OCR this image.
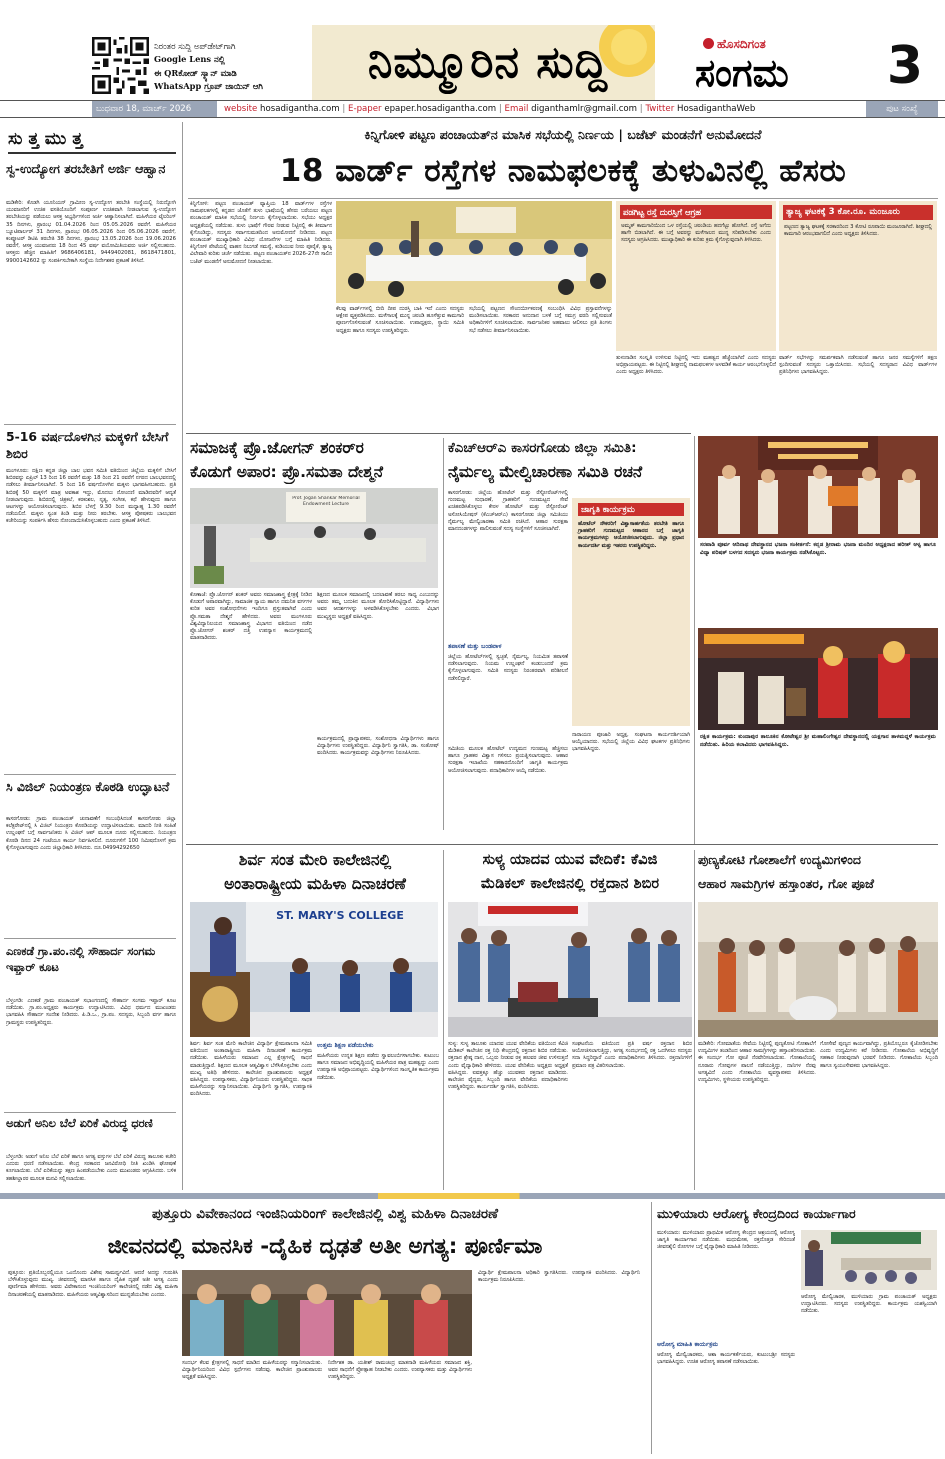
ನಿರಂತರ ಸುದ್ದಿ ಅಪ್‌ಡೇಟ್‌ಗಾಗಿ
Google Lens ನಲ್ಲಿ
ಈ QR‌ಕೋಡ್ ಸ್ಕ್ಯಾನ್ ಮಾಡಿ
WhatsApp ಗ್ರೂಪ್ ಜಾಯಿನ್ ಆಗಿ	ನಿಮ್ಮೂರಿನ ಸುದ್ದಿ	ಹೊಸದಿಗಂತ
ಸಂಗಮ	3
ಬುಧವಾರ 18, ಮಾರ್ಚ್ 2026	website hosadigantha.com | E-paper epaper.hosadigantha.com | Email diganthamlr@gmail.com | Twitter HosadiganthaWeb	ಪುಟ ಸಂಖ್ಯೆ
ಸು ತ್ತ ಮು ತ್ತ
ಸ್ವ-ಉದ್ಯೋಗ ತರಬೇತಿಗೆ ಅರ್ಜಿ ಆಹ್ವಾನ
ಮಡಿಕೇರಿ: ಕೊಡಗಿ ಯೂನಿಯನ್ ಗ್ರಾಮೀಣ ಸ್ವ-ಉದ್ಯೋಗ ತರಬೇತಿ ಸಂಸ್ಥೆಯಲ್ಲಿ ನಿರುದ್ಯೋಗಿ ಯುವಜನರಿಗೆ ಉಚಿತ ವಸತಿಯೊಂದಿಗೆ ಸಂಪೂರ್ಣ ಉಚಿತವಾಗಿ ನೀಡಲಾಗುವ ಸ್ವ-ಉದ್ಯೋಗ ತರಬೇತಿಯನ್ನು ಪಡೆಯಲು ಆಸಕ್ತ ಅಭ್ಯರ್ಥಿಗಳಿಂದ ಅರ್ಜಿ ಆಹ್ವಾನಿಸಲಾಗಿದೆ. ಮಹಿಳೆಯರ ಟೈಲರಿಂಗ್ 35 ದಿನಗಳು, ಪ್ರಾರಂಭ 01.04.2026 ರಿಂದ 05.05.2026 ರವರೆಗೆ. ಮಹಿಳೆಯರ ಬ್ಯೂಟಿಪಾರ್ಲರ್ 31 ದಿನಗಳು, ಪ್ರಾರಂಭ 06.05.2026 ರಿಂದ 05.06.2026 ರವರೆಗೆ, ಕಂಪ್ಯೂಟರ್ ಡಿಟಿಪಿ ತರಬೇತಿ 38 ದಿನಗಳು, ಪ್ರಾರಂಭ 13.05.2026 ರಿಂದ 19.06.2026 ರವರೆಗೆ, ಆಸಕ್ತ ಯುವಜನರು 18 ರಿಂದ 45 ವರ್ಷ ವಯೋಮಿತಿಯವರು ಅರ್ಜಿ ಸಲ್ಲಿಸಬಹುದು. ಆಸಕ್ತರು ಹೆಚ್ಚಿನ ಮಾಹಿತಿಗೆ 9686406181, 9449402081, 8618471801, 9900142602 ನ್ನು ಸಂಪರ್ಕಿಸಬೇಕಾಗಿ ಸಂಸ್ಥೆಯ ನಿರ್ದೇಶಕರ ಪ್ರಕಟಣೆ ತಿಳಿಸಿದೆ.
5-16 ವರ್ಷದೊಳಗಿನ ಮಕ್ಕಳಿಗೆ ಬೇಸಿಗೆ ಶಿಬಿರ
ಮಂಗಳೂರು: ದಕ್ಷಿಣ ಕನ್ನಡ ಜಿಲ್ಲಾ ಬಾಲ ಭವನ ಸಮಿತಿ ವತಿಯಿಂದ ಜಿಲ್ಲೆಯ ಮಕ್ಕಳಿಗೆ ಬೇಸಿಗೆ ಶಿಬಿರವನ್ನು ಏಪ್ರಿಲ್ 13 ರಿಂದ 16 ರವರೆಗೆ ಮತ್ತು 18 ರಿಂದ 21 ರವರೆಗೆ ನಗರದ ಬಾಲಭವನದಲ್ಲಿ ನಡೆಸಲು ತೀರ್ಮಾನಿಸಲಾಗಿದೆ. 5 ರಿಂದ 16 ವರ್ಷದೊಳಗಿನ ಮಕ್ಕಳು ಭಾಗವಹಿಸಬಹುದು. ಪ್ರತಿ ಶಿಬಿರಕ್ಕೆ 50 ಮಕ್ಕಳಿಗೆ ಮಾತ್ರ ಅವಕಾಶ ಇದ್ದು, ಮೊದಲು ನೋಂದಣಿ ಮಾಡಿದವರಿಗೆ ಆದ್ಯತೆ ನೀಡಲಾಗುವುದು. ಶಿಬಿರದಲ್ಲಿ ಚಿತ್ರಕಲೆ, ಕರಕುಶಲ, ನೃತ್ಯ, ಸಂಗೀತ, ಕಥೆ ಹೇಳುವುದು ಹಾಗೂ ಆಟಗಳನ್ನು ಆಯೋಜಿಸಲಾಗುವುದು. ಶಿಬಿರ ಬೆಳಗ್ಗೆ 9.30 ರಿಂದ ಮಧ್ಯಾಹ್ನ 1.30 ರವರೆಗೆ ನಡೆಯಲಿದೆ. ಮಕ್ಕಳು ಸ್ವಂತ ತಿಂಡಿ ಮತ್ತು ನೀರು ತರಬೇಕು. ಆಸಕ್ತ ಪೋಷಕರು ಬಾಲಭವನ ಕಚೇರಿಯನ್ನು ಸಂಪರ್ಕಿಸಿ ಹೆಸರು ನೋಂದಾಯಿಸಿಕೊಳ್ಳಬಹುದು ಎಂದು ಪ್ರಕಟಣೆ ತಿಳಿಸಿದೆ.
ಸಿ ವಿಜಿಲ್ ನಿಯಂತ್ರಣ ಕೊಠಡಿ ಉದ್ಘಾಟನೆ
ಕಾಸರಗೋಡು: ಗ್ರಾಮ ಪಂಚಾಯತ್ ಚುನಾವಣೆಗೆ ಸಂಬಂಧಿಸಿದಂತೆ ಕಾಸರಗೋಡು ಜಿಲ್ಲಾ ಕಲೆಕ್ಟರೇಟ್‌ನಲ್ಲಿ ಸಿ ವಿಜಿಲ್ ನಿಯಂತ್ರಣ ಕೊಠಡಿಯನ್ನು ಉದ್ಘಾಟಿಸಲಾಯಿತು. ಮಾದರಿ ನೀತಿ ಸಂಹಿತೆ ಉಲ್ಲಂಘನೆ ಬಗ್ಗೆ ಸಾರ್ವಜನಿಕರು ಸಿ ವಿಜಿಲ್ ಆಪ್ ಮೂಲಕ ದೂರು ಸಲ್ಲಿಸಬಹುದು. ನಿಯಂತ್ರಣ ಕೊಠಡಿ ದಿನದ 24 ಗಂಟೆಯೂ ಕಾರ್ಯ ನಿರ್ವಹಿಸಲಿದೆ. ದೂರುಗಳಿಗೆ 100 ನಿಮಿಷದೊಳಗೆ ಕ್ರಮ ಕೈಗೊಳ್ಳಲಾಗುವುದು ಎಂದು ಜಿಲ್ಲಾಧಿಕಾರಿ ತಿಳಿಸಿದರು. ದೂ.04994292650
ಎಣಕಡೆ ಗ್ರಾ.ಪಂ.ನಲ್ಲಿ ಸೌಹಾರ್ದ ಸಂಗಮ ಇಫ್ತಾರ್ ಕೂಟ
ಬೆಳ್ತಂಗಡಿ: ಎಣಕಡೆ ಗ್ರಾಮ ಪಂಚಾಯತ್ ಸಭಾಂಗಣದಲ್ಲಿ ಸೌಹಾರ್ದ ಸಂಗಮ ಇಫ್ತಾರ್ ಕೂಟ ನಡೆಯಿತು. ಗ್ರಾ.ಪಂ.ಅಧ್ಯಕ್ಷರು ಕಾರ್ಯಕ್ರಮ ಉದ್ಘಾಟಿಸಿದರು. ವಿವಿಧ ಧರ್ಮದ ಮುಖಂಡರು ಭಾಗವಹಿಸಿ ಸೌಹಾರ್ದ ಸಂದೇಶ ನೀಡಿದರು. ಪಿ.ಡಿ.ಒ., ಗ್ರಾ.ಪಂ. ಸದಸ್ಯರು, ಸಿಬ್ಬಂದಿ ವರ್ಗ ಹಾಗೂ ಗ್ರಾಮಸ್ಥರು ಉಪಸ್ಥಿತರಿದ್ದರು.
ಅಡುಗೆ ಅನಿಲ ಬೆಲೆ ಏರಿಕೆ ವಿರುದ್ಧ ಧರಣಿ
ಬೆಳ್ತಂಗಡಿ: ಅಡುಗೆ ಅನಿಲ ಬೆಲೆ ಏರಿಕೆ ಹಾಗೂ ಅಗತ್ಯ ವಸ್ತುಗಳ ಬೆಲೆ ಏರಿಕೆ ವಿರುದ್ಧ ತಾಲೂಕು ಕಚೇರಿ ಎದುರು ಧರಣಿ ನಡೆಸಲಾಯಿತು. ಕೇಂದ್ರ ಸರಕಾರದ ಜನವಿರೋಧಿ ನೀತಿ ಖಂಡಿಸಿ ಘೋಷಣೆ ಕೂಗಲಾಯಿತು. ಬೆಲೆ ಏರಿಕೆಯನ್ನು ತಕ್ಷಣ ಹಿಂಪಡೆಯಬೇಕು ಎಂದು ಮುಖಂಡರು ಆಗ್ರಹಿಸಿದರು. ಬಳಿಕ ತಹಶೀಲ್ದಾರರ ಮೂಲಕ ಮನವಿ ಸಲ್ಲಿಸಲಾಯಿತು.
ಕಿನ್ನಿಗೋಳಿ ಪಟ್ಟಣ ಪಂಚಾಯತ್‌ನ ಮಾಸಿಕ ಸಭೆಯಲ್ಲಿ ನಿರ್ಣಯ | ಬಜೆಟ್ ಮಂಡನೆಗೆ ಅನುಮೋದನೆ
18 ವಾರ್ಡ್ ರಸ್ತೆಗಳ ನಾಮಫಲಕಕ್ಕೆ ತುಳುವಿನಲ್ಲಿ ಹೆಸರು
ಕಿನ್ನಿಗೋಳಿ: ಪಟ್ಟಣ ಪಂಚಾಯತ್ ವ್ಯಾಪ್ತಿಯ 18 ವಾರ್ಡ್‌ಗಳ ರಸ್ತೆಗಳ ನಾಮಫಲಕಗಳಲ್ಲಿ ಕನ್ನಡದ ಜೊತೆಗೆ ತುಳು ಭಾಷೆಯಲ್ಲಿ ಹೆಸರು ಬರೆಯಲು ಪಟ್ಟಣ ಪಂಚಾಯತ್ ಮಾಸಿಕ ಸಭೆಯಲ್ಲಿ ನಿರ್ಣಯ ಕೈಗೊಳ್ಳಲಾಯಿತು. ಸಭೆಯು ಅಧ್ಯಕ್ಷರ ಅಧ್ಯಕ್ಷತೆಯಲ್ಲಿ ನಡೆಯಿತು. ತುಳು ಭಾಷೆಗೆ ಗೌರವ ನೀಡುವ ನಿಟ್ಟಿನಲ್ಲಿ ಈ ತೀರ್ಮಾನ ಕೈಗೊಂಡಿದ್ದು, ಸದಸ್ಯರು ಸರ್ವಾನುಮತದಿಂದ ಅನುಮೋದನೆ ನೀಡಿದರು. ಪಟ್ಟಣ ಪಂಚಾಯತ್ ಮುಖ್ಯಾಧಿಕಾರಿ ವಿವಿಧ ಯೋಜನೆಗಳ ಬಗ್ಗೆ ಮಾಹಿತಿ ನೀಡಿದರು. ಕಿನ್ನಿಗೋಳಿ ಪೇಟೆಯಲ್ಲಿ ವಾಹನ ನಿಲುಗಡೆ ಸಮಸ್ಯೆ, ಕುಡಿಯುವ ನೀರು ಪೂರೈಕೆ, ತ್ಯಾಜ್ಯ ವಿಲೇವಾರಿ ಕುರಿತು ಚರ್ಚೆ ನಡೆಯಿತು. ಪಟ್ಟಣ ಪಂಚಾಯತ್‌ನ 2026-27ನೇ ಸಾಲಿನ ಬಜೆಟ್ ಮಂಡನೆಗೆ ಅನುಮೋದನೆ ನೀಡಲಾಯಿತು.
ಕೆಲವು ವಾರ್ಡ್‌ಗಳಲ್ಲಿ ಬೀದಿ ದೀಪ ದುರಸ್ತಿ ಬಾಕಿ ಇದೆ ಎಂದು ಸದಸ್ಯರು ಆಕ್ಷೇಪ ವ್ಯಕ್ತಪಡಿಸಿದರು. ಮಳೆಗಾಲಕ್ಕೆ ಮುನ್ನ ಚರಂಡಿ ಹೂಳೆತ್ತುವ ಕಾಮಗಾರಿ ಪೂರ್ಣಗೊಳಿಸುವಂತೆ ಸೂಚಿಸಲಾಯಿತು. ಉಪಾಧ್ಯಕ್ಷರು, ಸ್ಥಾಯಿ ಸಮಿತಿ ಅಧ್ಯಕ್ಷರು ಹಾಗೂ ಸದಸ್ಯರು ಉಪಸ್ಥಿತರಿದ್ದರು.
ಸಭೆಯಲ್ಲಿ ಪಟ್ಟಣದ ಸೌಂದರ್ಯೀಕರಣಕ್ಕೆ ಸಂಬಂಧಿಸಿ ವಿವಿಧ ಪ್ರಸ್ತಾವನೆಗಳನ್ನು ಮಂಡಿಸಲಾಯಿತು. ಸರಕಾರದ ಅನುದಾನ ಬಳಕೆ ಬಗ್ಗೆ ಸಮಗ್ರ ವರದಿ ಸಲ್ಲಿಸುವಂತೆ ಅಧಿಕಾರಿಗಳಿಗೆ ಸೂಚಿಸಲಾಯಿತು. ಸಾರ್ವಜನಿಕರ ಅಹವಾಲು ಆಲಿಸಲು ಪ್ರತಿ ತಿಂಗಳು ಸಭೆ ನಡೆಸಲು ತೀರ್ಮಾನಿಸಲಾಯಿತು.
ಪಡಗಿಟ್ಟ ರಸ್ತೆ ದುರಸ್ತಿಗೆ ಆಗ್ರಹ
ಅಮ್ಮತ್ ಕಾಮಗಾರಿಯಿಂದ ಒಳ ರಸ್ತೆಯಲ್ಲಿ ಚರಂಡಿಯ ಹದಗೆಟ್ಟು ಹೋಗಿದೆ. ರಸ್ತೆ ಅಗೆದು ಹಾಗೇ ಬಿಡಲಾಗಿದೆ. ಈ ಬಗ್ಗೆ ಅವರನ್ನು ಮಳೆಗಾಲದ ಮುನ್ನ ಸರಿಪಡಿಸಬೇಕು ಎಂದು ಸದಸ್ಯರು ಆಗ್ರಹಿಸಿದರು. ಮುಖ್ಯಾಧಿಕಾರಿ ಈ ಕುರಿತು ಕ್ರಮ ಕೈಗೊಳ್ಳುವುದಾಗಿ ತಿಳಿಸಿದರು.
ತ್ಯಾಜ್ಯ ಘಟಕಕ್ಕೆ 3 ಕೋ.ರೂ. ಮಂಜೂರು
ಪಟ್ಟಣದ ತ್ಯಾಜ್ಯ ಘಟಕಕ್ಕೆ ಸರಕಾರದಿಂದ 3 ಕೋಟಿ ರೂಪಾಯಿ ಮಂಜೂರಾಗಿದೆ. ಶೀಘ್ರದಲ್ಲಿ ಕಾಮಗಾರಿ ಆರಂಭವಾಗಲಿದೆ ಎಂದು ಅಧ್ಯಕ್ಷರು ತಿಳಿಸಿದರು.
ತುಳುನಾಡಿನ ಸಂಸ್ಕೃತಿ ಉಳಿಸುವ ನಿಟ್ಟಿನಲ್ಲಿ ಇದು ಮಹತ್ವದ ಹೆಜ್ಜೆಯಾಗಿದೆ ಎಂದು ಸದಸ್ಯರು ಅಭಿಪ್ರಾಯಪಟ್ಟರು. ಈ ನಿಟ್ಟಿನಲ್ಲಿ ಶೀಘ್ರದಲ್ಲಿ ನಾಮಫಲಕಗಳ ಅಳವಡಿಕೆ ಕಾರ್ಯ ಆರಂಭಗೊಳ್ಳಲಿದೆ ಎಂದು ಅಧ್ಯಕ್ಷರು ತಿಳಿಸಿದರು.
ವಾರ್ಡ್ ಸಭೆಗಳನ್ನು ಸಮರ್ಪಕವಾಗಿ ನಡೆಸುವಂತೆ ಹಾಗೂ ಜನರ ಸಮಸ್ಯೆಗಳಿಗೆ ತಕ್ಷಣ ಸ್ಪಂದಿಸುವಂತೆ ಸದಸ್ಯರು ಒತ್ತಾಯಿಸಿದರು. ಸಭೆಯಲ್ಲಿ ಸದಸ್ಯರಾದ ವಿವಿಧ ವಾರ್ಡ್‌ಗಳ ಪ್ರತಿನಿಧಿಗಳು ಭಾಗವಹಿಸಿದ್ದರು.
ಸಮಾಜಕ್ಕೆ ಪ್ರೊ.ಜೋಗನ್ ಶಂಕರ್‌ರ
ಕೊಡುಗೆ ಅಪಾರ: ಪ್ರೊ.ಸಮತಾ ದೇಶ್ಮನೆ
Prof. Jogan Shankar Memorial Endowment Lecture
ಕೊಣಾಜೆ: ಪ್ರೊ.ಜೋಗನ್ ಶಂಕರ್ ಅವರು ಸಮಾಜಶಾಸ್ತ್ರ ಕ್ಷೇತ್ರಕ್ಕೆ ನೀಡಿದ ಕೊಡುಗೆ ಅಪಾರವಾಗಿದ್ದು, ಸಾಮಾಜಿಕ ನ್ಯಾಯ ಹಾಗೂ ದಮನಿತ ವರ್ಗಗಳ ಕುರಿತ ಅವರ ಸಂಶೋಧನೆಗಳು ಇಂದಿಗೂ ಪ್ರಸ್ತುತವಾಗಿವೆ ಎಂದು ಪ್ರೊ.ಸಮತಾ ದೇಶ್ಮನೆ ಹೇಳಿದರು. ಅವರು ಮಂಗಳೂರು ವಿಶ್ವವಿದ್ಯಾನಿಲಯದ ಸಮಾಜಶಾಸ್ತ್ರ ವಿಭಾಗದ ವತಿಯಿಂದ ನಡೆದ ಪ್ರೊ.ಜೋಗನ್ ಶಂಕರ್ ದತ್ತಿ ಉಪನ್ಯಾಸ ಕಾರ್ಯಕ್ರಮದಲ್ಲಿ ಮಾತನಾಡಿದರು.
ಶಿಕ್ಷಣದ ಮೂಲಕ ಸಮಾಜದಲ್ಲಿ ಬದಲಾವಣೆ ತರಲು ಸಾಧ್ಯ ಎಂಬುದನ್ನು ಅವರು ತಮ್ಮ ಬದುಕಿನ ಮೂಲಕ ತೋರಿಸಿಕೊಟ್ಟಿದ್ದಾರೆ. ವಿದ್ಯಾರ್ಥಿಗಳು ಅವರ ಆದರ್ಶಗಳನ್ನು ಅಳವಡಿಸಿಕೊಳ್ಳಬೇಕು ಎಂದರು. ವಿಭಾಗ ಮುಖ್ಯಸ್ಥರು ಅಧ್ಯಕ್ಷತೆ ವಹಿಸಿದ್ದರು.
ಕಾರ್ಯಕ್ರಮದಲ್ಲಿ ಪ್ರಾಧ್ಯಾಪಕರು, ಸಂಶೋಧನಾ ವಿದ್ಯಾರ್ಥಿಗಳು ಹಾಗೂ ವಿದ್ಯಾರ್ಥಿಗಳು ಉಪಸ್ಥಿತರಿದ್ದರು. ವಿದ್ಯಾರ್ಥಿನಿ ಸ್ವಾಗತಿಸಿ, ಡಾ. ಸಂತೋಷ್ ವಂದಿಸಿದರು. ಕಾರ್ಯಕ್ರಮವನ್ನು ವಿದ್ಯಾರ್ಥಿಗಳು ನಿರೂಪಿಸಿದರು.
ಕೆಎಚ್‌ಆರ್‌ಎ ಕಾಸರಗೋಡು ಜಿಲ್ಲಾ ಸಮಿತಿ:
ನೈರ್ಮಲ್ಯ ಮೇಲ್ವಿಚಾರಣಾ ಸಮಿತಿ ರಚನೆ
ಕಾಸರಗೋಡು: ಜಿಲ್ಲೆಯ ಹೋಟೆಲ್ ಮತ್ತು ರೆಸ್ಟೋರೆಂಟ್‌ಗಳಲ್ಲಿ ಗುಣಮಟ್ಟ ಸುಧಾರಣೆ, ಗ್ರಾಹಕರಿಗೆ ಗುಣಮಟ್ಟದ ಸೇವೆ ಖಚಿತಪಡಿಸಿಕೊಳ್ಳಲು ಕೇರಳ ಹೋಟೆಲ್ ಮತ್ತು ರೆಸ್ಟೋರೆಂಟ್ ಅಸೋಸಿಯೇಷನ್ (ಕೆಎಚ್‌ಆರ್‌ಎ) ಕಾಸರಗೋಡು ಜಿಲ್ಲಾ ಸಮಿತಿಯು ನೈರ್ಮಲ್ಯ ಮೇಲ್ವಿಚಾರಣಾ ಸಮಿತಿ ರಚಿಸಿದೆ. ಆಹಾರ ಸುರಕ್ಷತಾ ಮಾನದಂಡಗಳನ್ನು ಪಾಲಿಸುವಂತೆ ಸದಸ್ಯ ಸಂಸ್ಥೆಗಳಿಗೆ ಸೂಚಿಸಲಾಗಿದೆ.
ತಪಾಸಣೆ ಮತ್ತು ಬಂಡವಾಳ
ಜಿಲ್ಲೆಯ ಹೋಟೆಲ್‌ಗಳಲ್ಲಿ ಸ್ವಚ್ಛತೆ, ನೈರ್ಮಲ್ಯ, ನಿಯಮಿತ ತಪಾಸಣೆ ನಡೆಸಲಾಗುವುದು. ನಿಯಮ ಉಲ್ಲಂಘನೆ ಕಂಡುಬಂದರೆ ಕ್ರಮ ಕೈಗೊಳ್ಳಲಾಗುವುದು. ಸಮಿತಿ ಸದಸ್ಯರು ನಿರಂತರವಾಗಿ ಪರಿಶೀಲನೆ ನಡೆಸಲಿದ್ದಾರೆ.
ಸಮಿತಿಯ ಮೂಲಕ ಹೋಟೆಲ್ ಉದ್ಯಮದ ಗುಣಮಟ್ಟ ಹೆಚ್ಚಿಸಲು ಹಾಗೂ ಗ್ರಾಹಕರ ವಿಶ್ವಾಸ ಗಳಿಸಲು ಪ್ರಯತ್ನಿಸಲಾಗುವುದು. ಆಹಾರ ಸುರಕ್ಷತಾ ಇಲಾಖೆಯ ಸಹಕಾರದೊಂದಿಗೆ ಜಾಗೃತಿ ಕಾರ್ಯಕ್ರಮ ಆಯೋಜಿಸಲಾಗುವುದು. ಪದಾಧಿಕಾರಿಗಳ ಆಯ್ಕೆ ನಡೆಯಿತು.
ಜಾಗೃತಿ ಕಾರ್ಯಕ್ರಮ
ಹೋಟೆಲ್ ನೌಕರರಿಗೆ ವಿಶ್ವಾಸಾರ್ಹತೆಯ ತರಬೇತಿ ಹಾಗೂ ಗ್ರಾಹಕರಿಗೆ ಗುಣಮಟ್ಟದ ಆಹಾರದ ಬಗ್ಗೆ ಜಾಗೃತಿ ಕಾರ್ಯಕ್ರಮಗಳನ್ನು ಆಯೋಜಿಸಲಾಗುವುದು. ಜಿಲ್ಲಾ ಪ್ರಧಾನ ಕಾರ್ಯದರ್ಶಿ ಮತ್ತು ಇತರರು ಉಪಸ್ಥಿತರಿದ್ದರು.
ನಾರಾಯಣ ಪೂಜಾರಿ ಅಧ್ಯಕ್ಷ, ಸಂಘಟನಾ ಕಾರ್ಯದರ್ಶಿಯಾಗಿ ಆಯ್ಕೆಯಾದರು. ಸಭೆಯಲ್ಲಿ ಜಿಲ್ಲೆಯ ವಿವಿಧ ಘಟಕಗಳ ಪ್ರತಿನಿಧಿಗಳು ಭಾಗವಹಿಸಿದ್ದರು.
ಸರಪಾಡಿ ಪೂರ್ವ ಆದಿನಾಥ ದೇವಸ್ಥಾನದ ಭಜನಾ ಸಂಕೀರ್ತನೆ: ಕನ್ನಡ ಶ್ರೀರಾಮ ಭಜನಾ ಮಂದಿರ ಅಧ್ಯಕ್ಷರಾದ ಹರೀಶ್ ಆಳ್ವ ಹಾಗೂ ವಿದ್ಯಾ ಪರಿಷತ್ ಬಳಗದ ಸದಸ್ಯರು ಭಜನಾ ಕಾರ್ಯಕ್ರಮ ನಡೆಸಿಕೊಟ್ಟರು.
ರಕ್ಷಿತ ಕಾರ್ಯಕ್ರಮ: ಕುಂದಾಪುರ ತಾಲೂಕಿನ ಕೋಟೇಶ್ವರ ಶ್ರೀ ಮಹಾಲಿಂಗೇಶ್ವರ ದೇವಸ್ಥಾನದಲ್ಲಿ ಯಕ್ಷಗಾನ ತಾಳಮದ್ದಳೆ ಕಾರ್ಯಕ್ರಮ ನಡೆಯಿತು. ಹಿರಿಯ ಕಲಾವಿದರು ಭಾಗವಹಿಸಿದ್ದರು.
ಶಿರ್ವ ಸಂತ ಮೇರಿ ಕಾಲೇಜಿನಲ್ಲಿ
ಅಂತಾರಾಷ್ಟ್ರೀಯ ಮಹಿಳಾ ದಿನಾಚರಣೆ
ST. MARY'S COLLEGE
ಶಿರ್ವ: ಶಿರ್ವ ಸಂತ ಮೇರಿ ಕಾಲೇಜಿನ ವಿದ್ಯಾರ್ಥಿ ಕ್ಷೇಮಪಾಲನಾ ಸಮಿತಿ ವತಿಯಿಂದ ಅಂತಾರಾಷ್ಟ್ರೀಯ ಮಹಿಳಾ ದಿನಾಚರಣೆ ಕಾರ್ಯಕ್ರಮ ನಡೆಯಿತು. ಮಹಿಳೆಯರು ಸಮಾಜದ ಎಲ್ಲ ಕ್ಷೇತ್ರಗಳಲ್ಲಿ ಸಾಧನೆ ಮಾಡುತ್ತಿದ್ದಾರೆ. ಶಿಕ್ಷಣದ ಮೂಲಕ ಆತ್ಮವಿಶ್ವಾಸ ಬೆಳೆಸಿಕೊಳ್ಳಬೇಕು ಎಂದು ಮುಖ್ಯ ಅತಿಥಿ ಹೇಳಿದರು. ಕಾಲೇಜಿನ ಪ್ರಾಂಶುಪಾಲರು ಅಧ್ಯಕ್ಷತೆ ವಹಿಸಿದ್ದರು. ಉಪನ್ಯಾಸಕರು, ವಿದ್ಯಾರ್ಥಿನಿಯರು ಉಪಸ್ಥಿತರಿದ್ದರು. ಸಾಧಕ ಮಹಿಳೆಯರನ್ನು ಸನ್ಮಾನಿಸಲಾಯಿತು. ವಿದ್ಯಾರ್ಥಿನಿ ಸ್ವಾಗತಿಸಿ, ಉಪನ್ಯಾಸಕಿ ವಂದಿಸಿದರು.
ಉತ್ತಮ ಶಿಕ್ಷಣ ಪಡೆಯಬೇಕು
ಮಹಿಳೆಯರು ಉನ್ನತ ಶಿಕ್ಷಣ ಪಡೆದು ಸ್ವಾವಲಂಬಿಗಳಾಗಬೇಕು. ಕುಟುಂಬ ಹಾಗೂ ಸಮಾಜದ ಅಭಿವೃದ್ಧಿಯಲ್ಲಿ ಮಹಿಳೆಯರ ಪಾತ್ರ ಮಹತ್ವದ್ದು ಎಂದು ಉಪನ್ಯಾಸಕಿ ಅಭಿಪ್ರಾಯಪಟ್ಟರು. ವಿದ್ಯಾರ್ಥಿಗಳಿಂದ ಸಾಂಸ್ಕೃತಿಕ ಕಾರ್ಯಕ್ರಮ ನಡೆಯಿತು.
ಸುಳ್ಯ ಯಾದವ ಯುವ ವೇದಿಕೆ: ಕೆವಿಜಿ
ಮೆಡಿಕಲ್ ಕಾಲೇಜಿನಲ್ಲಿ ರಕ್ತದಾನ ಶಿಬಿರ
ಸುಳ್ಯ: ಸುಳ್ಯ ತಾಲೂಕು ಯಾದವ ಯುವ ವೇದಿಕೆಯ ವತಿಯಿಂದ ಕೆವಿಜಿ ಮೆಡಿಕಲ್ ಕಾಲೇಜಿನ ರಕ್ತ ನಿಧಿ ಕೇಂದ್ರದಲ್ಲಿ ರಕ್ತದಾನ ಶಿಬಿರ ನಡೆಯಿತು. ರಕ್ತದಾನ ಶ್ರೇಷ್ಠ ದಾನ, ಒಬ್ಬರು ನೀಡುವ ರಕ್ತ ಹಲವರ ಜೀವ ಉಳಿಸುತ್ತದೆ ಎಂದು ವೈದ್ಯಾಧಿಕಾರಿ ಹೇಳಿದರು. ಯುವ ವೇದಿಕೆಯ ಅಧ್ಯಕ್ಷರು ಅಧ್ಯಕ್ಷತೆ ವಹಿಸಿದ್ದರು. ಐವತ್ತಕ್ಕೂ ಹೆಚ್ಚು ಯುವಕರು ರಕ್ತದಾನ ಮಾಡಿದರು. ಕಾಲೇಜಿನ ವೈದ್ಯರು, ಸಿಬ್ಬಂದಿ ಹಾಗೂ ವೇದಿಕೆಯ ಪದಾಧಿಕಾರಿಗಳು ಉಪಸ್ಥಿತರಿದ್ದರು. ಕಾರ್ಯದರ್ಶಿ ಸ್ವಾಗತಿಸಿ, ವಂದಿಸಿದರು.
ಸಂಘಟನೆಯ ವತಿಯಿಂದ ಪ್ರತಿ ವರ್ಷ ರಕ್ತದಾನ ಶಿಬಿರ ಆಯೋಜಿಸಲಾಗುತ್ತಿದ್ದು, ಅಗತ್ಯ ಸಂದರ್ಭದಲ್ಲಿ ರಕ್ತ ಒದಗಿಸಲು ಸದಸ್ಯರು ಸದಾ ಸಿದ್ಧರಿದ್ದಾರೆ ಎಂದು ಪದಾಧಿಕಾರಿಗಳು ತಿಳಿಸಿದರು. ರಕ್ತದಾನಿಗಳಿಗೆ ಪ್ರಮಾಣ ಪತ್ರ ವಿತರಿಸಲಾಯಿತು.
ಪುಣ್ಯಕೋಟಿ ಗೋಶಾಲೆಗೆ ಉದ್ಯಮಿಗಳಿಂದ
ಆಹಾರ ಸಾಮಗ್ರಿಗಳ ಹಸ್ತಾಂತರ, ಗೋ ಪೂಜೆ
ಮಡಿಕೇರಿ: ಗೋಮಾತೆಯ ಸೇವೆಯ ನಿಟ್ಟಿನಲ್ಲಿ ಪುಣ್ಯಕೋಟಿ ಗೋಶಾಲೆಗೆ ಉದ್ಯಮಿಗಳ ತಂಡದಿಂದ ಆಹಾರ ಸಾಮಗ್ರಿಗಳನ್ನು ಹಸ್ತಾಂತರಿಸಲಾಯಿತು. ಈ ಸಂದರ್ಭ ಗೋ ಪೂಜೆ ನೆರವೇರಿಸಲಾಯಿತು. ಗೋಶಾಲೆಯಲ್ಲಿ ನೂರಾರು ಗೋವುಗಳ ಪಾಲನೆ ನಡೆಯುತ್ತಿದ್ದು, ದಾನಿಗಳ ನೆರವು ಅಗತ್ಯವಿದೆ ಎಂದು ಗೋಶಾಲೆಯ ವ್ಯವಸ್ಥಾಪಕರು ತಿಳಿಸಿದರು. ಉದ್ಯಮಿಗಳು, ಸ್ಥಳೀಯರು ಉಪಸ್ಥಿತರಿದ್ದರು.
ಗೋಸೇವೆ ಪುಣ್ಯದ ಕಾರ್ಯವಾಗಿದ್ದು, ಪ್ರತಿಯೊಬ್ಬರೂ ಕೈಜೋಡಿಸಬೇಕು ಎಂದು ಉದ್ಯಮಿಗಳು ಕರೆ ನೀಡಿದರು. ಗೋಶಾಲೆಯ ಅಭಿವೃದ್ಧಿಗೆ ಸಹಕಾರ ನೀಡುವುದಾಗಿ ಭರವಸೆ ನೀಡಿದರು. ಗೋಶಾಲೆಯ ಸಿಬ್ಬಂದಿ ಹಾಗೂ ಸ್ವಯಂಸೇವಕರು ಭಾಗವಹಿಸಿದ್ದರು.
ಪುತ್ತೂರು ವಿವೇಕಾನಂದ ಇಂಜಿನಿಯರಿಂಗ್ ಕಾಲೇಜಿನಲ್ಲಿ ವಿಶ್ವ ಮಹಿಳಾ ದಿನಾಚರಣೆ
ಜೀವನದಲ್ಲಿ ಮಾನಸಿಕ -ದೈಹಿಕ ದೃಢತೆ ಅತೀ ಅಗತ್ಯ: ಪೂರ್ಣಿಮಾ
ಪುತ್ತೂರು: ಪ್ರತಿಯೊಬ್ಬರಲ್ಲಿಯೂ ಒಂದೊಂದು ವಿಶೇಷ ಸಾಮರ್ಥ್ಯವಿದೆ. ಆದರೆ ಅದನ್ನು ಗುರುತಿಸಿ ಬೆಳೆಸಿಕೊಳ್ಳುವುದು ಮುಖ್ಯ. ಜೀವನದಲ್ಲಿ ಮಾನಸಿಕ ಹಾಗೂ ದೈಹಿಕ ದೃಢತೆ ಅತೀ ಅಗತ್ಯ ಎಂದು ಪೂರ್ಣಿಮಾ ಹೇಳಿದರು. ಅವರು ವಿವೇಕಾನಂದ ಇಂಜಿನಿಯರಿಂಗ್ ಕಾಲೇಜಿನಲ್ಲಿ ನಡೆದ ವಿಶ್ವ ಮಹಿಳಾ ದಿನಾಚರಣೆಯಲ್ಲಿ ಮಾತನಾಡಿದರು. ಮಹಿಳೆಯರು ಆತ್ಮವಿಶ್ವಾಸದಿಂದ ಮುನ್ನಡೆಯಬೇಕು ಎಂದರು.
ಸಂದರ್ಭ ಕೆಲವ ಕ್ಷೇತ್ರಗಳಲ್ಲಿ ಸಾಧನೆ ಮಾಡಿದ ಮಹಿಳೆಯರನ್ನು ಸನ್ಮಾನಿಸಲಾಯಿತು. ವಿದ್ಯಾರ್ಥಿನಿಯರಿಂದ ವಿವಿಧ ಸ್ಪರ್ಧೆಗಳು ನಡೆದವು. ಕಾಲೇಜಿನ ಪ್ರಾಂಶುಪಾಲರು ಅಧ್ಯಕ್ಷತೆ ವಹಿಸಿದ್ದರು.
ನಿರ್ದೇಶಕ ಡಾ. ಯತೀಶ್ ರಾಮಚಂದ್ರ ಮಾತನಾಡಿ ಮಹಿಳೆಯರು ಸಮಾಜದ ಶಕ್ತಿ, ಅವರ ಸಾಧನೆಗೆ ಪ್ರೋತ್ಸಾಹ ನೀಡಬೇಕು ಎಂದರು. ಉಪನ್ಯಾಸಕರು ಮತ್ತು ವಿದ್ಯಾರ್ಥಿಗಳು ಉಪಸ್ಥಿತರಿದ್ದರು.
ವಿದ್ಯಾರ್ಥಿ ಕ್ಷೇಮಪಾಲನಾ ಅಧಿಕಾರಿ ಸ್ವಾಗತಿಸಿದರು. ಉಪನ್ಯಾಸಕಿ ವಂದಿಸಿದರು. ವಿದ್ಯಾರ್ಥಿನಿ ಕಾರ್ಯಕ್ರಮ ನಿರೂಪಿಸಿದರು.
ಮುಳಿಯಾರು ಆರೋಗ್ಯ ಕೇಂದ್ರದಿಂದ ಕಾರ್ಯಾಗಾರ
ಮುಳಿಯಾರು: ಮುಳಿಯಾರು ಪ್ರಾಥಮಿಕ ಆರೋಗ್ಯ ಕೇಂದ್ರದ ಆಶ್ರಯದಲ್ಲಿ ಆರೋಗ್ಯ ಜಾಗೃತಿ ಕಾರ್ಯಾಗಾರ ನಡೆಯಿತು. ಮಧುಮೇಹ, ರಕ್ತದೊತ್ತಡ ಸೇರಿದಂತೆ ಜೀವನಶೈಲಿ ರೋಗಗಳ ಬಗ್ಗೆ ವೈದ್ಯಾಧಿಕಾರಿ ಮಾಹಿತಿ ನೀಡಿದರು.
ಆರೋಗ್ಯ ಮಾಹಿತಿ ಕಾರ್ಯಕ್ರಮ
ಆರೋಗ್ಯ ಮೇಲ್ವಿಚಾರಕರು, ಆಶಾ ಕಾರ್ಯಕರ್ತೆಯರು, ಕುಟುಂಬಶ್ರೀ ಸದಸ್ಯರು ಭಾಗವಹಿಸಿದ್ದರು. ಉಚಿತ ಆರೋಗ್ಯ ತಪಾಸಣೆ ನಡೆಸಲಾಯಿತು.
ಆರೋಗ್ಯ ಮೇಲ್ವಿಚಾರಕ, ಮುಳಿಯಾರು ಗ್ರಾಮ ಪಂಚಾಯತ್ ಅಧ್ಯಕ್ಷರು ಉದ್ಘಾಟಿಸಿದರು. ಸದಸ್ಯರು ಉಪಸ್ಥಿತರಿದ್ದರು. ಕಾರ್ಯಕ್ರಮ ಯಶಸ್ವಿಯಾಗಿ ನಡೆಯಿತು.
